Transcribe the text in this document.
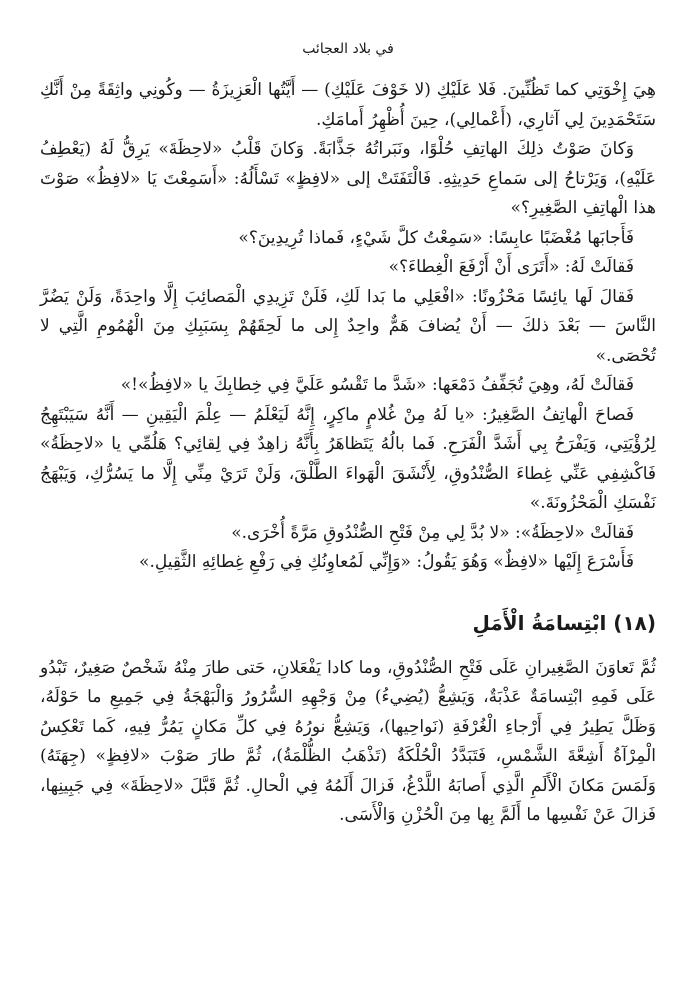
في بلاد العجائب

هِيَ إِخْوَتِي كما تَظُنِّينَ. فَلا عَلَيْكِ (لا خَوْفَ عَلَيْكِ) — أَيَّتُها الْعَزِيزَةُ — وكُونِي واثِقَةً مِنْ أَنَّكِ سَتَحْمَدِينَ لِي آثارِي، (أَعْمالِي)، حِينَ أُظْهِرُ أَمامَكِ.

وَكانَ صَوْتُ ذلِكَ الهاتِفِ حُلْوًا، ونَبَراتُهُ جَذَّابَةً. وَكانَ قَلْبُ «لاحِظَةَ» يَرِقُّ لَهُ (يَعْطِفُ عَلَيْهِ)، وَيَرْتاحُ إلى سَماعِ حَدِيثِهِ. فَالْتَفَتَتْ إلى «لافِظٍ» تَسْأَلُهُ: «أَسَمِعْتَ يَا «لافِظُ» صَوْتَ هذا الْهاتِفِ الصَّغِيرِ؟»

فَأَجابَها مُغْضَبًا عابِسًا: «سَمِعْتُ كلَّ شَيْءٍ، فَماذا تُرِيدِينَ؟»

فَقالَتْ لَهُ: «أَتَرَى أَنْ أَرْفَعَ الْغِطاءَ؟»

فَقالَ لَها يائِسًا مَحْزُونًا: «افْعَلِي ما بَدا لَكِ، فَلَنْ تَزِيدِي الْمَصائِبَ إِلَّا واحِدَةً، وَلَنْ يَضُرَّ النَّاسَ — بَعْدَ ذلكَ — أَنْ يُضافَ هَمٌّ واحِدٌ إِلى ما لَحِقَهُمْ بِسَبَبِكِ مِنَ الْهُمُومِ الَّتِي لا تُحْصَى.»

فَقالَتْ لَهُ، وهِيَ تُجَفِّفُ دَمْعَها: «شَدَّ ما تَقْسُو عَلَيَّ فِي خِطابِكَ يا «لافِظُ»!»

فَصاحَ الْهاتِفُ الصَّغِيرُ: «يا لَهُ مِنْ غُلامٍ ماكِرٍ، إِنَّهُ لَيَعْلَمُ — عِلْمَ الْيَقِينِ — أَنَّهُ سَيَبْتَهِجُ لِرُؤْيَتِي، وَيَفْرَحُ بِي أَشَدَّ الْفَرَحِ. فَما بالُهُ يَتَظاهَرُ بِأَنَّهُ زاهِدٌ فِي لِقائِي؟ هَلُمِّي يا «لاحِظَةُ» فَاكْشِفِي عَنِّي غِطاءَ الصُّنْدُوقِ، لِأَنْشَقَ الْهَواءَ الطَّلْقَ، وَلَنْ تَرَيْ مِنِّي إِلَّا ما يَسُرُّكِ، وَيَبْهَجُ نَفْسَكِ الْمَحْزُونَةَ.»

فَقالَتْ «لاحِظَةُ»: «لا بُدَّ لِي مِنْ فَتْحِ الصُّنْدُوقِ مَرَّةً أُخْرَى.»

فَأَسْرَعَ إِلَيْها «لافِظٌ» وَهُوَ يَقُولُ: «وَإِنِّي لَمُعاوِنُكِ فِي رَفْعِ غِطائِهِ الثَّقِيلِ.»

(١٨) ابْتِسامَةُ الْأَمَلِ

ثُمَّ تَعاوَنَ الصَّغِيرانِ عَلَى فَتْحِ الصُّنْدُوقِ، وما كادا يَفْعَلانِ، حَتى طارَ مِنْهُ شَخْصٌ صَغِيرٌ، تَبْدُو عَلَى فَمِهِ ابْتِسامَةٌ عَذْبَةٌ، وَيَشِعُّ (يُضِيءُ) مِنْ وَجْهِهِ السُّرُورُ وَالْبَهْجَةُ فِي جَمِيعِ ما حَوْلَهُ، وَظَلَّ يَطِيرُ فِي أَرْجاءِ الْغُرْفَةِ (نَواحِيها)، وَيَشِعُّ نورُهُ فِي كلِّ مَكانٍ يَمُرُّ فِيهِ، كَما تَعْكِسُ الْمِرْآةُ أَشِعَّةَ الشَّمْسِ، فَتَبَدَّدُ الْحُلْكَةُ (تَذْهَبُ الظُّلْمَةُ)، ثُمَّ طارَ صَوْبَ «لافِظٍ» (جِهَتَهُ) وَلَمَسَ مَكانَ الْأَلَمِ الَّذِي أَصابَهُ اللَّدْغُ، فَزالَ أَلَمُهُ فِي الْحالِ. ثُمَّ قَبَّلَ «لاحِظَةَ» فِي جَبِينِها، فَزالَ عَنْ نَفْسِها ما أَلَمَّ بِها مِنَ الْحُزْنِ وَالْأَسَى.
